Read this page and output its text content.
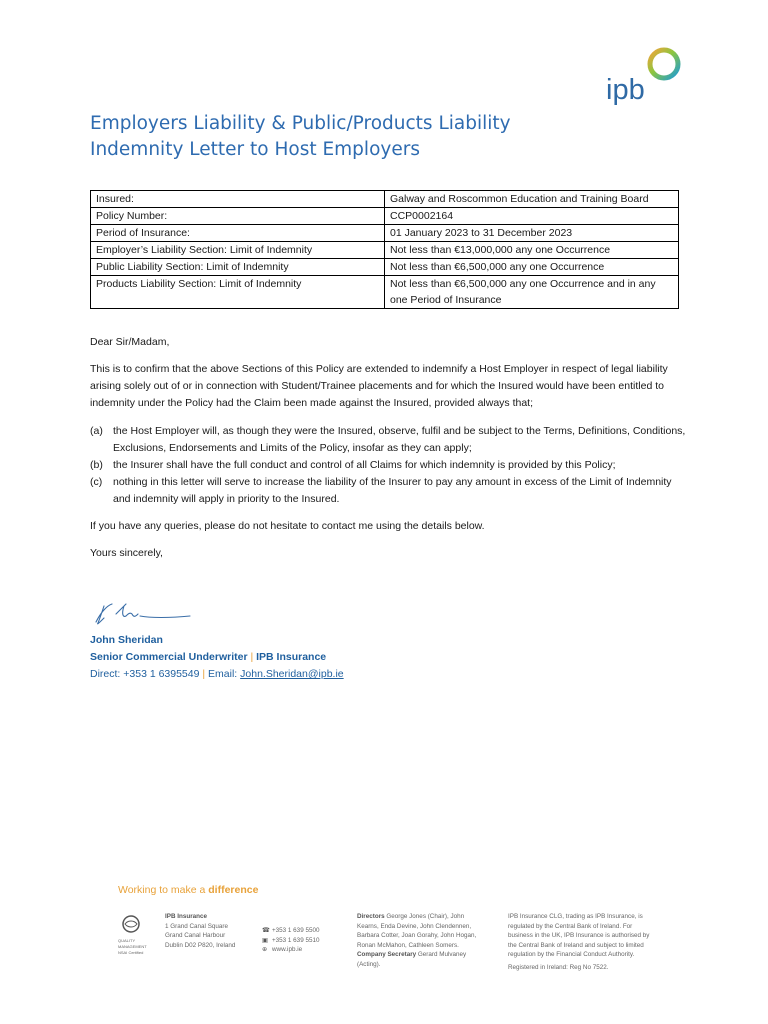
ipb
Employers Liability & Public/Products Liability
Indemnity Letter to Host Employers
Insured:	Galway and Roscommon Education and Training Board
Policy Number:	CCP0002164
Period of Insurance:	01 January 2023 to 31 December 2023
Employer’s Liability Section: Limit of Indemnity	Not less than €13,000,000 any one Occurrence
Public Liability Section: Limit of Indemnity	Not less than €6,500,000 any one Occurrence
Products Liability Section: Limit of Indemnity	Not less than €6,500,000 any one Occurrence and in any one Period of Insurance
Dear Sir/Madam,
This is to confirm that the above Sections of this Policy are extended to indemnify a Host Employer in respect of legal liability arising solely out of or in connection with Student/Trainee placements and for which the Insured would have been entitled to indemnity under the Policy had the Claim been made against the Insured, provided always that;
(a) the Host Employer will, as though they were the Insured, observe, fulfil and be subject to the Terms, Definitions, Conditions, Exclusions, Endorsements and Limits of the Policy, insofar as they can apply;
(b) the Insurer shall have the full conduct and control of all Claims for which indemnity is provided by this Policy;
(c)	nothing in this letter will serve to increase the liability of the Insurer to pay any amount in excess of the Limit of Indemnity and indemnity will apply in priority to the Insured.
If you have any queries, please do not hesitate to contact me using the details below.
Yours sincerely,
John Sheridan
Senior Commercial Underwriter | IPB Insurance
Direct: +353 1 6395549 | Email: John.Sheridan@ipb.ie
Working to make a difference
QUALITY
MANAGEMENT
NSAI Certified
IPB Insurance
1 Grand Canal Square
Grand Canal Harbour
Dublin D02 P820, Ireland
☎ +353 1 639 5500
▣ +353 1 639 5510
⊕ www.ipb.ie
Directors George Jones (Chair), John Kearns, Enda Devine, John Clendennen, Barbara Cotter, Joan Gorahy, John Hogan, Ronan McMahon, Cathleen Somers.
Company Secretary Gerard Mulvaney (Acting).
IPB Insurance CLG, trading as IPB Insurance, is regulated by the Central Bank of Ireland. For business in the UK, IPB Insurance is authorised by the Central Bank of Ireland and subject to limited regulation by the Financial Conduct Authority.
Registered in Ireland: Reg No 7522.
